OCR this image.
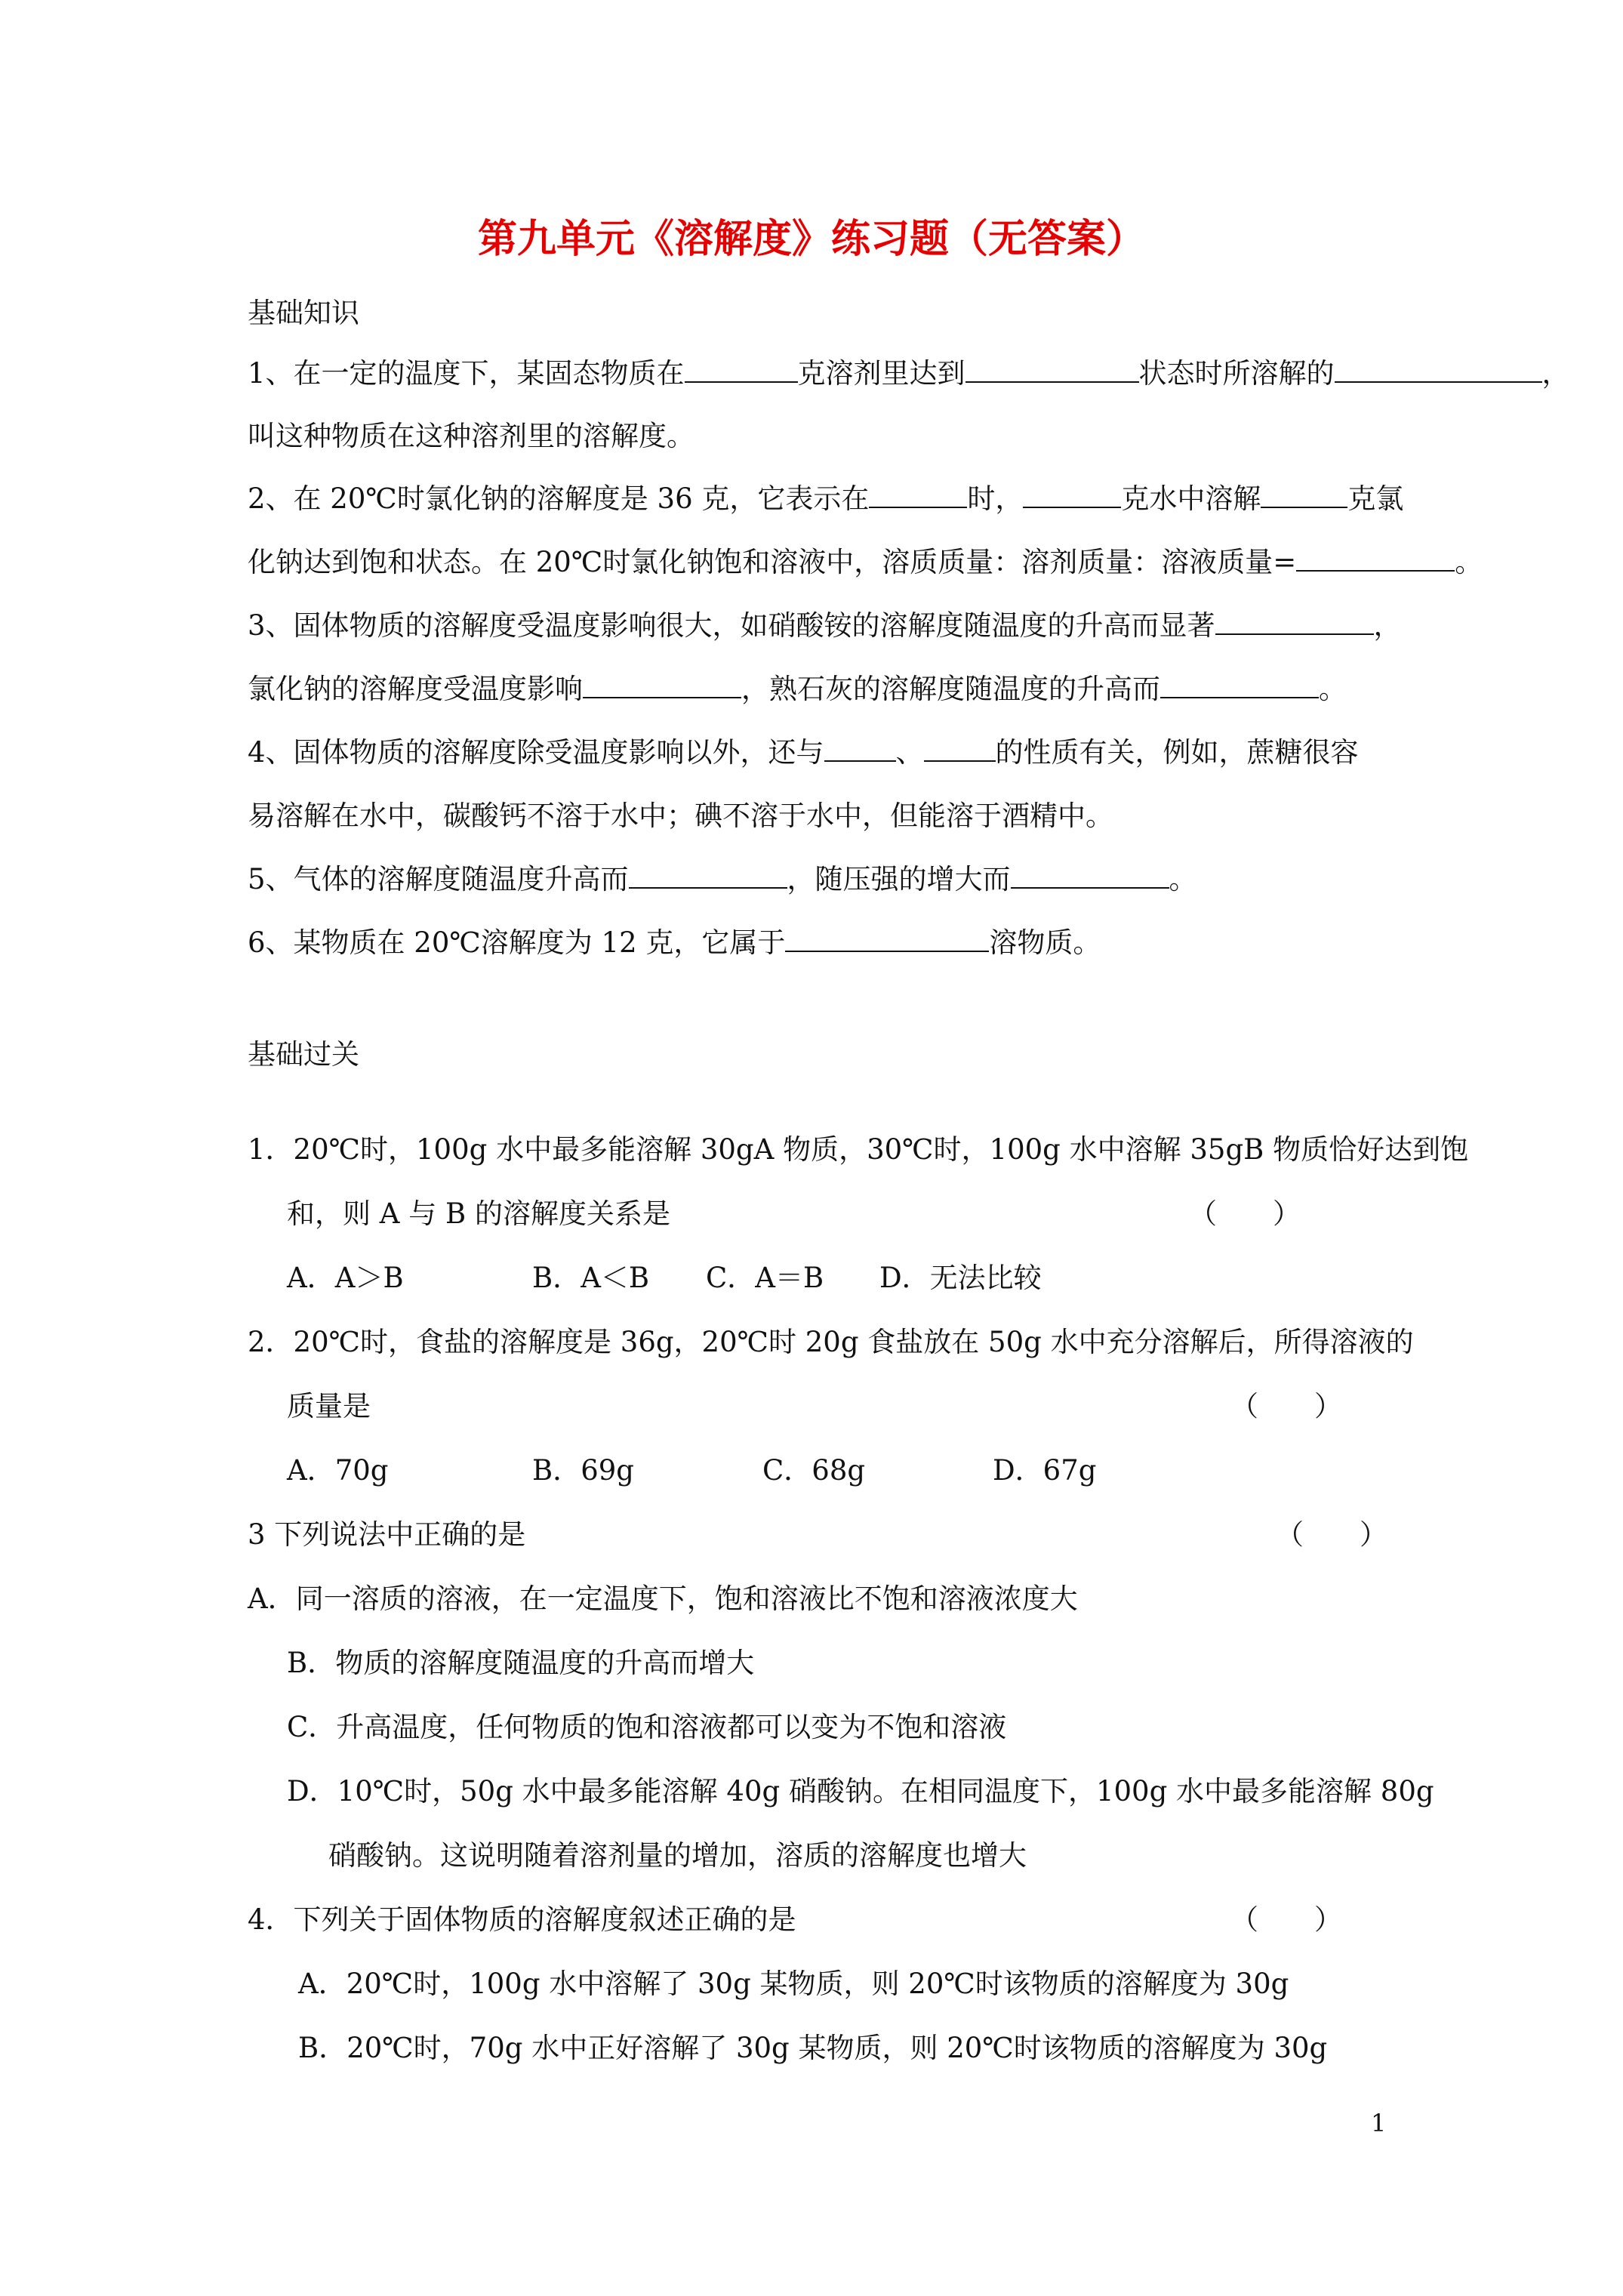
第九单元《溶解度》练习题（无答案）
基础知识
1、在一定的温度下，某固态物质在	克溶剂里达到	状态时所溶解的	，
叫这种物质在这种溶剂里的溶解度。
2、在 20℃时氯化钠的溶解度是 36 克，它表示在	时，	克水中溶解	克氯
化钠达到饱和状态。在 20℃时氯化钠饱和溶液中，溶质质量：溶剂质量：溶液质量=	。
3、固体物质的溶解度受温度影响很大，如硝酸铵的溶解度随温度的升高而显著	，
氯化钠的溶解度受温度影响	，熟石灰的溶解度随温度的升高而	。
4、固体物质的溶解度除受温度影响以外，还与	、	的性质有关，例如，蔗糖很容
易溶解在水中，碳酸钙不溶于水中；碘不溶于水中，但能溶于酒精中。
5、气体的溶解度随温度升高而	，随压强的增大而	。
6、某物质在 20℃溶解度为 12 克，它属于	溶物质。
基础过关
1．20℃时，100g 水中最多能溶解 30gA 物质，30℃时，100g 水中溶解 35gB 物质恰好达到饱
和，则 A 与 B 的溶解度关系是	（　　）
A．A＞B	B．A＜B C．A＝B D．无法比较
2．20℃时，食盐的溶解度是 36g，20℃时 20g 食盐放在 50g 水中充分溶解后，所得溶液的
质量是	（　　）
A．70g	B．69g	C．68g	D．67g
3 下列说法中正确的是	（　　）
A．同一溶质的溶液，在一定温度下，饱和溶液比不饱和溶液浓度大
B．物质的溶解度随温度的升高而增大
C．升高温度，任何物质的饱和溶液都可以变为不饱和溶液
D．10℃时，50g 水中最多能溶解 40g 硝酸钠。在相同温度下，100g 水中最多能溶解 80g
硝酸钠。这说明随着溶剂量的增加，溶质的溶解度也增大
4．下列关于固体物质的溶解度叙述正确的是	（　　）
A．20℃时，100g 水中溶解了 30g 某物质，则 20℃时该物质的溶解度为 30g
B．20℃时，70g 水中正好溶解了 30g 某物质，则 20℃时该物质的溶解度为 30g
1
